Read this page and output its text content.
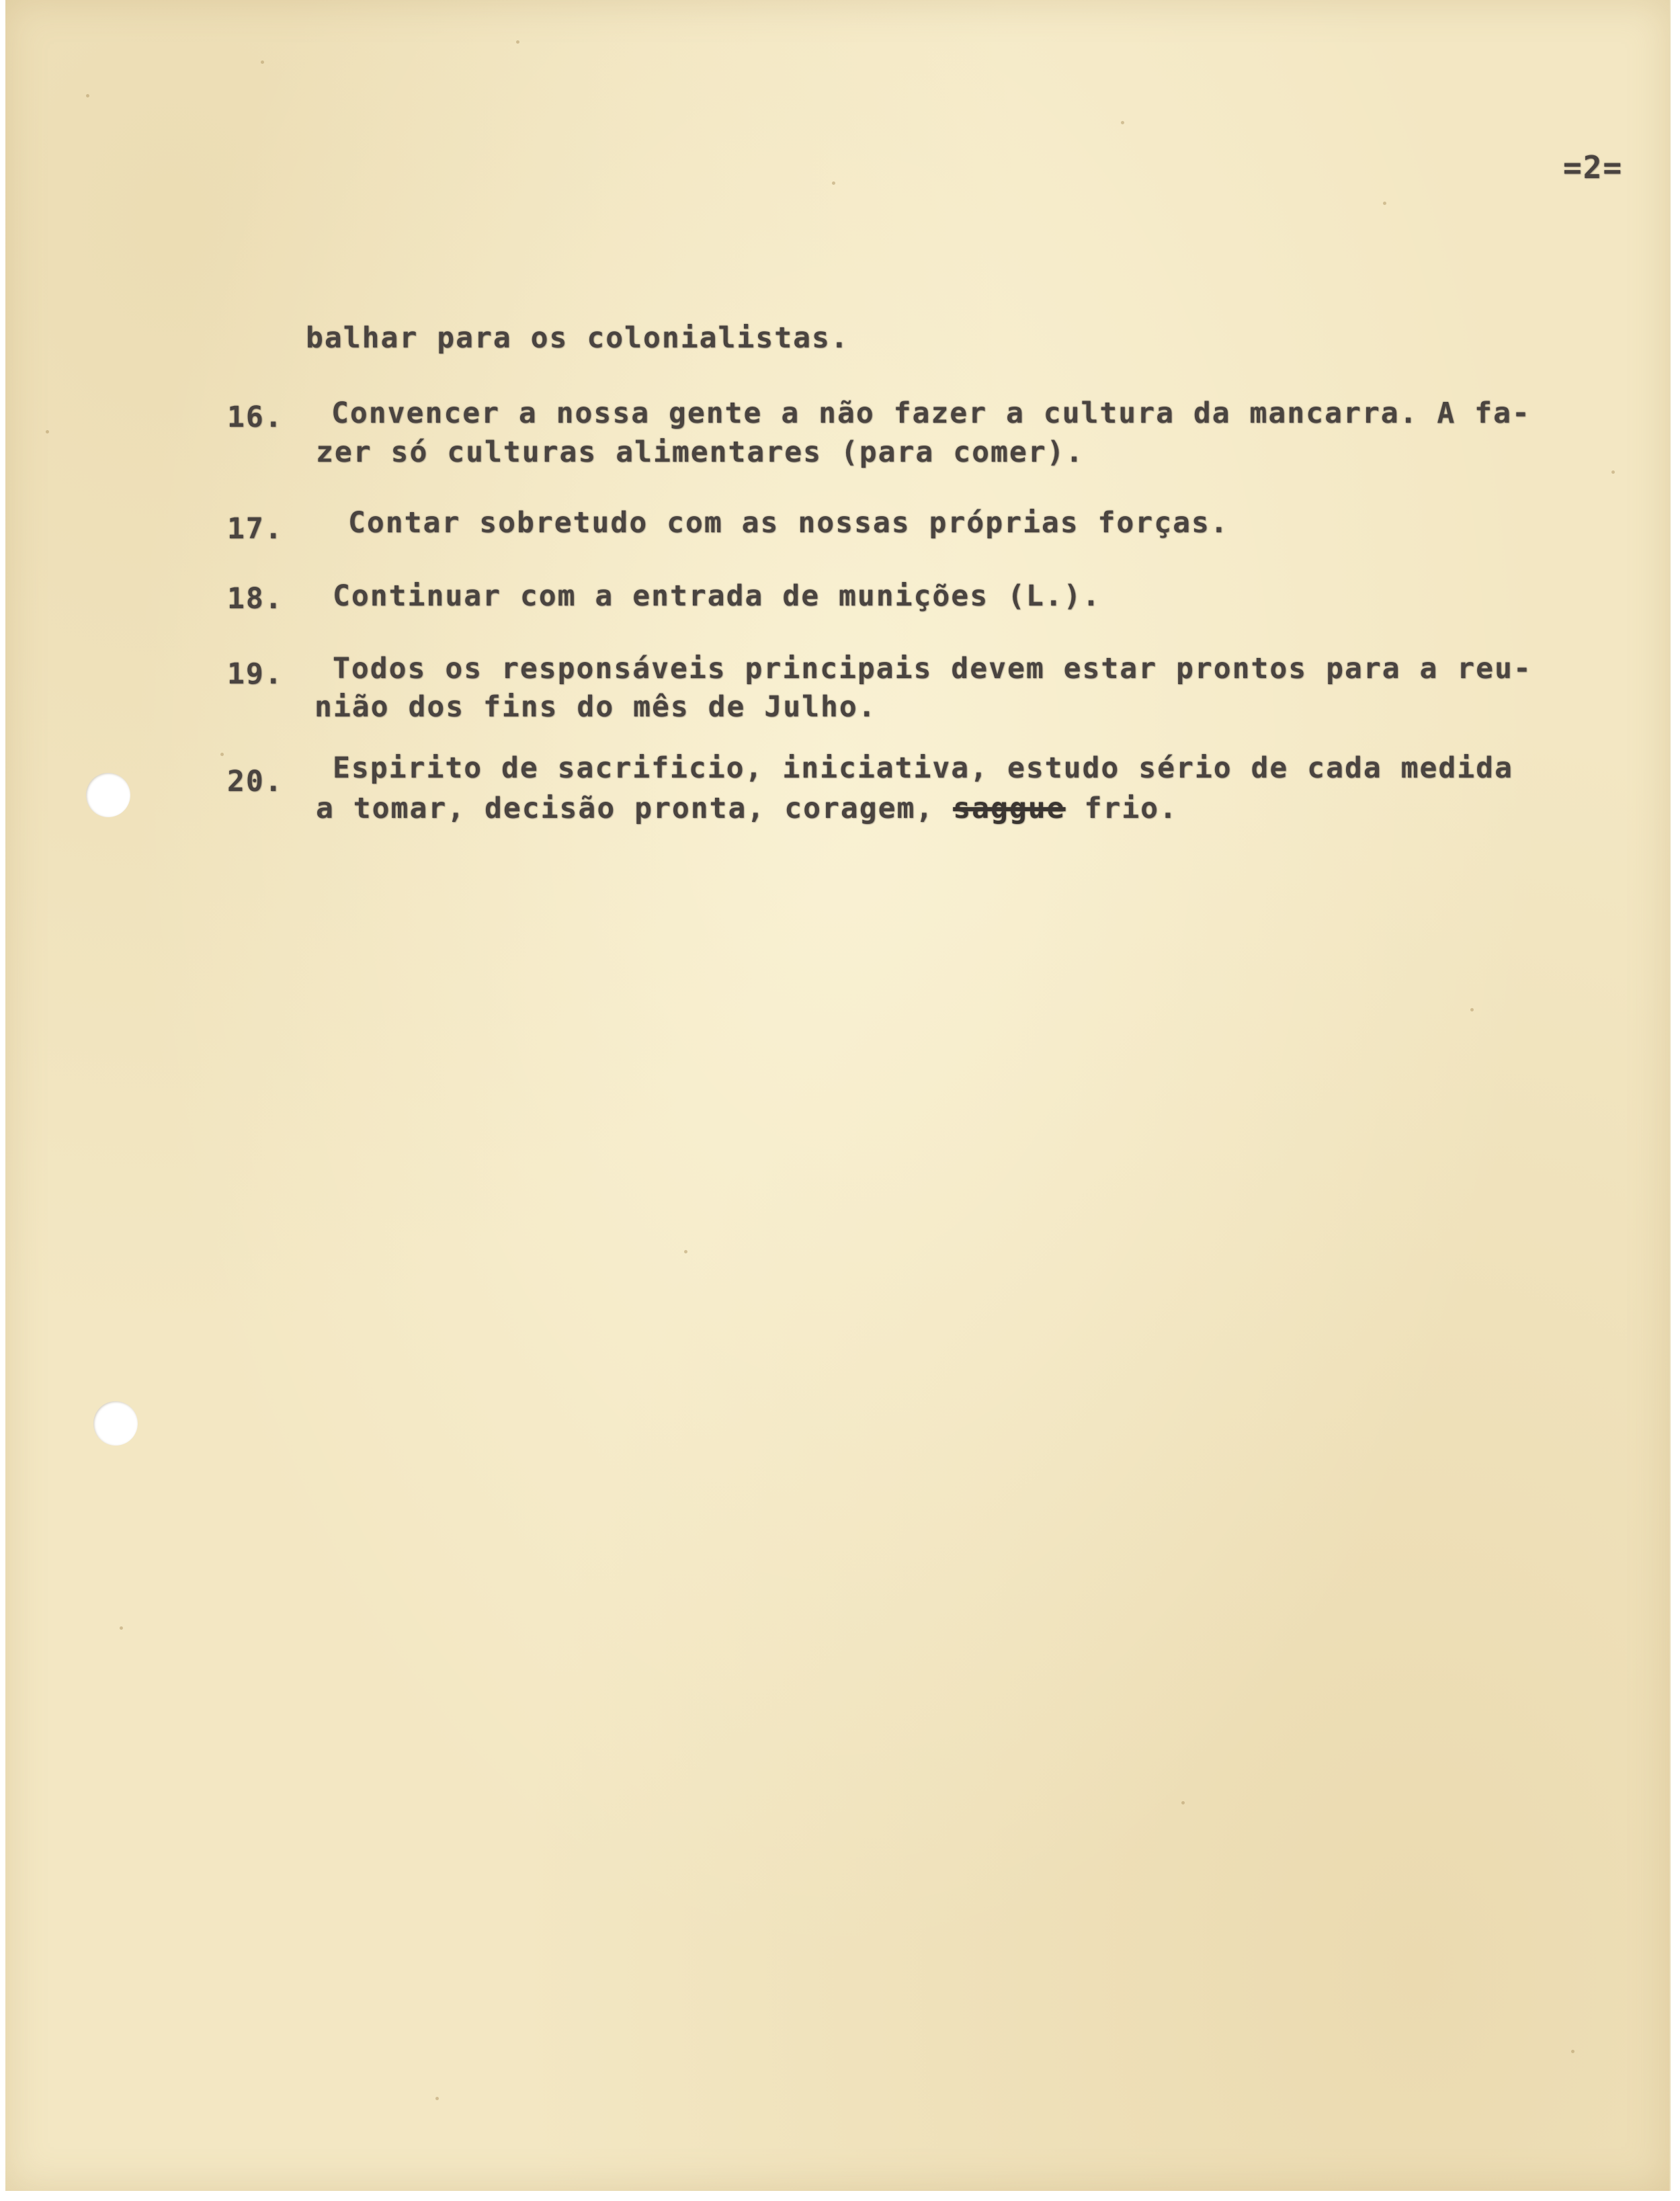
=2=
balhar para os colonialistas.
16. Convencer a nossa gente a não fazer a cultura da mancarra. A fa-
zer só culturas alimentares (para comer).
17. Contar sobretudo com as nossas próprias forças.
18. Continuar com a entrada de munições (L.).
19. Todos os responsáveis principais devem estar prontos para a reu-
nião dos fins do mês de Julho.
20. Espirito de sacrificio, iniciativa, estudo sério de cada medida
a tomar, decisão pronta, coragem, saggue frio.
